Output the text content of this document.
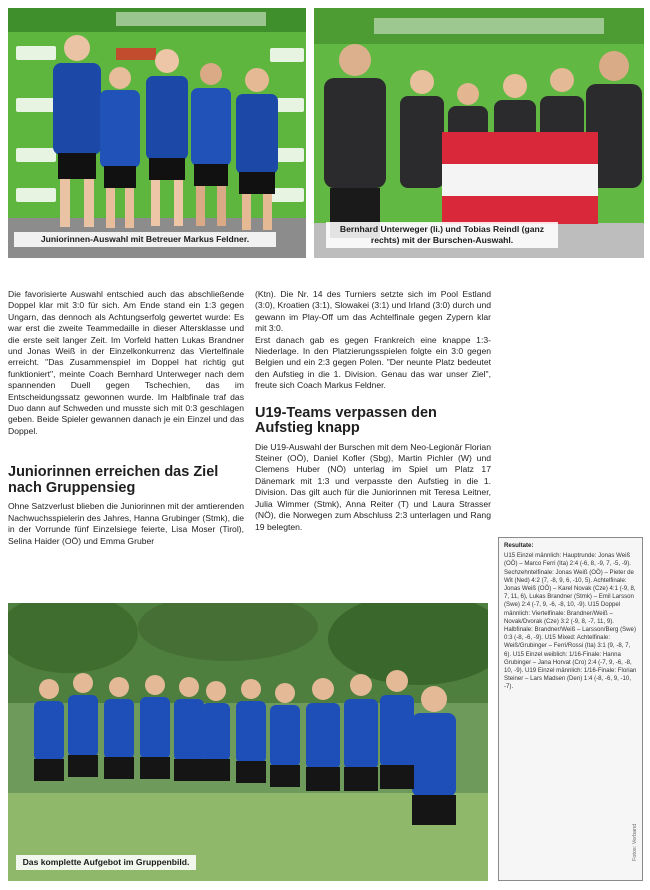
Juniorinnen-Auswahl mit Betreuer Markus Feldner.
Bernhard Unterweger (li.) und Tobias Reindl (ganz rechts) mit der Burschen-Auswahl.

Die favorisierte Auswahl entschied auch das abschließende Doppel klar mit 3:0 für sich. Am Ende stand ein 1:3 gegen Ungarn, das dennoch als Achtungserfolg gewertet wurde: Es war erst die zweite Teammedaille in dieser Altersklasse und die erste seit langer Zeit. Im Vorfeld hatten Lukas Brandner und Jonas Weiß in der Einzelkonkurrenz das Viertelfinale erreicht. "Das Zusammenspiel im Doppel hat richtig gut funktioniert", meinte Coach Bernhard Unterweger nach dem spannenden Duell gegen Tschechien, das im Entscheidungssatz gewonnen wurde. Im Halbfinale traf das Duo dann auf Schweden und musste sich mit 0:3 geschlagen geben. Beide Spieler gewannen danach je ein Einzel und das Doppel.

Juniorinnen erreichen das Ziel nach Gruppensieg

Ohne Satzverlust blieben die Juniorinnen mit der amtierenden Nachwuchsspielerin des Jahres, Hanna Grubinger (Stmk), die in der Vorrunde fünf Einzelsiege feierte, Lisa Moser (Tirol), Selina Haider (OÖ) und Emma Gruber

(Ktn). Die Nr. 14 des Turniers setzte sich im Pool Estland (3:0), Kroatien (3:1), Slowakei (3:1) und Irland (3:0) durch und gewann im Play-Off um das Achtelfinale gegen Zypern klar mit 3:0.

Erst danach gab es gegen Frankreich eine knappe 1:3-Niederlage. In den Platzierungsspielen folgte ein 3:0 gegen Belgien und ein 2:3 gegen Polen. "Der neunte Platz bedeutet den Aufstieg in die 1. Division. Genau das war unser Ziel", freute sich Coach Markus Feldner.

U19-Teams verpassen den Aufstieg knapp

Die U19-Auswahl der Burschen mit dem Neo-Legionär Florian Steiner (OÖ), Daniel Kofler (Sbg), Martin Pichler (W) und Clemens Huber (NÖ) unterlag im Spiel um Platz 17 Dänemark mit 1:3 und verpasste den Aufstieg in die 1. Division. Das gilt auch für die Juniorinnen mit Teresa Leitner, Julia Wimmer (Stmk), Anna Reiter (T) und Laura Strasser (NÖ), die Norwegen zum Abschluss 2:3 unterlagen und Rang 19 belegten.

Resultate:
U15 Einzel männlich: Hauptrunde: Jonas Weiß (OÖ) – Marco Ferri (Ita) 2:4 (-6, 8, -9, 7, -5, -9). Sechzehntelfinale: Jonas Weiß (OÖ) – Pieter de Wit (Ned) 4:2 (7, -8, 9, 6, -10, 5). Achtelfinale: Jonas Weiß (OÖ) – Karel Novak (Cze) 4:1 (-9, 8, 7, 11, 6), Lukas Brandner (Stmk) – Emil Larsson (Swe) 2:4 (-7, 9, -6, -8, 10, -9). U15 Doppel männlich: Viertelfinale: Brandner/Weiß – Novak/Dvorak (Cze) 3:2 (-9, 8, -7, 11, 9). Halbfinale: Brandner/Weiß – Larsson/Berg (Swe) 0:3 (-8, -6, -9). U15 Mixed: Achtelfinale: Weiß/Grubinger – Ferri/Rossi (Ita) 3:1 (9, -8, 7, 6). U15 Einzel weiblich: 1/16-Finale: Hanna Grubinger – Jana Horvat (Cro) 2:4 (-7, 9, -6, -8, 10, -9). U19 Einzel männlich: 1/16-Finale: Florian Steiner – Lars Madsen (Den) 1:4 (-8, -6, 9, -10, -7).
Das komplette Aufgebot im Gruppenbild.
Fotos: Verband
